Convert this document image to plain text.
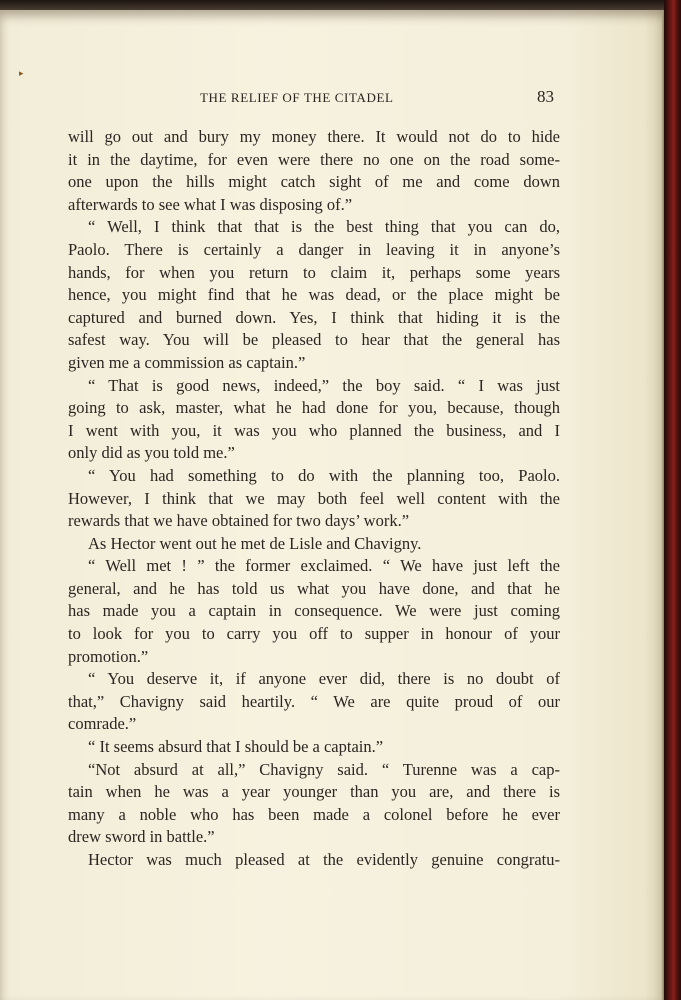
▸
THE RELIEF OF THE CITADEL	83
will go out and bury my money there. It would not do to hide
it in the daytime, for even were there no one on the road some-
one upon the hills might catch sight of me and come down
afterwards to see what I was disposing of.”
“ Well, I think that that is the best thing that you can do,
Paolo. There is certainly a danger in leaving it in anyone’s
hands, for when you return to claim it, perhaps some years
hence, you might find that he was dead, or the place might be
captured and burned down. Yes, I think that hiding it is the
safest way. You will be pleased to hear that the general has
given me a commission as captain.”
“ That is good news, indeed,” the boy said. “ I was just
going to ask, master, what he had done for you, because, though
I went with you, it was you who planned the business, and I
only did as you told me.”
“ You had something to do with the planning too, Paolo.
However, I think that we may both feel well content with the
rewards that we have obtained for two days’ work.”
As Hector went out he met de Lisle and Chavigny.
“ Well met ! ” the former exclaimed. “ We have just left the
general, and he has told us what you have done, and that he
has made you a captain in consequence. We were just coming
to look for you to carry you off to supper in honour of your
promotion.”
“ You deserve it, if anyone ever did, there is no doubt of
that,” Chavigny said heartily. “ We are quite proud of our
comrade.”
“ It seems absurd that I should be a captain.”
“Not absurd at all,” Chavigny said. “ Turenne was a cap-
tain when he was a year younger than you are, and there is
many a noble who has been made a colonel before he ever
drew sword in battle.”
Hector was much pleased at the evidently genuine congratu-
